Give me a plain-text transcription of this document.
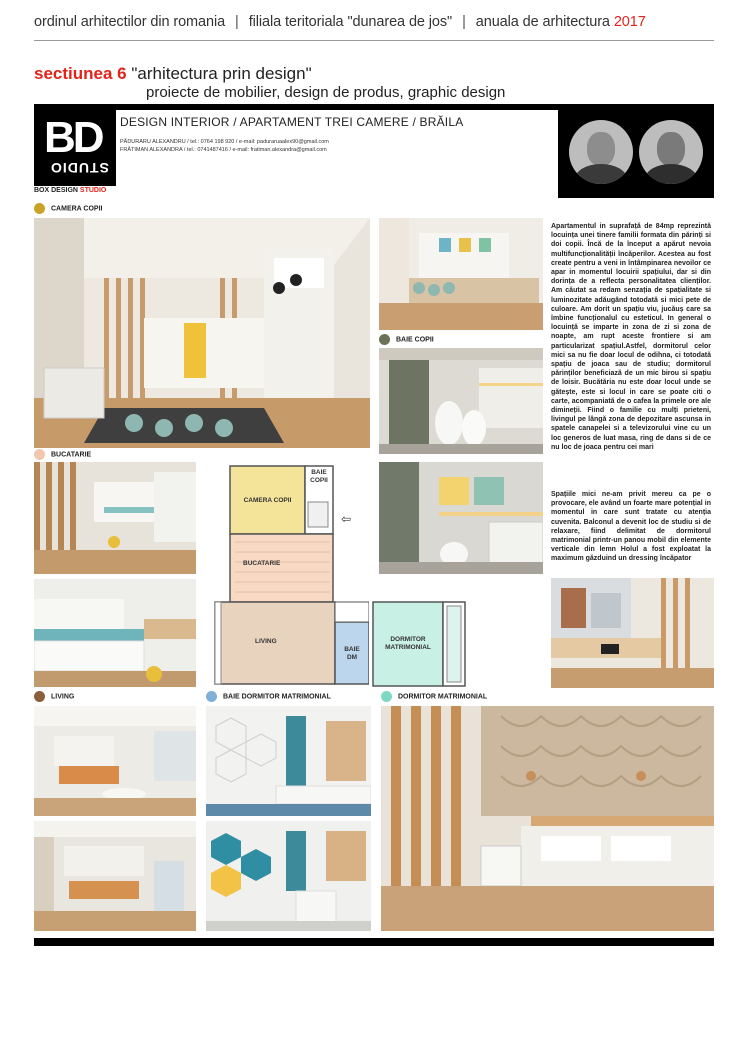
ordinul arhitectilor din romania | filiala teritoriala "dunarea de jos" | anuala de arhitectura 2017
sectiunea 6 "arhitectura prin design"
proiecte de mobilier, design de produs, graphic design
BD
STUDIO
BOX DESIGN STUDIO
DESIGN INTERIOR / APARTAMENT TREI CAMERE / BRĂILA
PĂDURARU ALEXANDRU / tel.: 0764 198 920 / e-mail: paduraruaalex90@gmail.com
FRĂTIMAN ALEXANDRA / tel.: 0741487416 / e-mail: fratiman.alexandra@gmail.com
CAMERA COPII
Apartamentul in suprafață de 84mp reprezintă locuința unei tinere familii formata din părinți si doi copii. Încă de la început a apărut nevoia multifuncționalității încăperilor. Acestea au fost create pentru a veni in întâmpinarea nevoilor ce apar in momentul locuirii spațiului, dar si din dorința de a reflecta personalitatea clienților. Am căutat sa redam senzația de spațialitate si luminozitate adăugând totodată si mici pete de culoare. Am dorit un spațiu viu, jucăuș care sa îmbine funcționalul cu esteticul. In general o locuință se imparte in zona de zi si zona de noapte, am rupt aceste frontiere si am particularizat spațiul.Astfel, dormitorul celor mici sa nu fie doar locul de odihna, ci totodată spațiu de joaca sau de studiu; dormitorul părinților beneficiază de un mic birou si spațiu de loisir. Bucătăria nu este doar locul unde se gătește, este si locul in care se poate citi o carte, acompaniată de o cafea la primele ore ale dimineții. Fiind o familie cu mulți prieteni, livingul pe lângă zona de depozitare ascunsa in spatele canapelei si a televizorului vine cu un loc generos de luat masa, ring de dans si de ce nu loc de joaca pentru cei mari
Spațiile mici ne-am privit mereu ca pe o provocare, ele având un foarte mare potențial in momentul in care sunt tratate cu atenția cuvenita. Balconul a devenit loc de studiu si de relaxare, fiind delimitat de dormitorul matrimonial printr-un panou mobil din elemente verticale din lemn Holul a fost exploatat la maximum găzduind un dressing încăpator
BAIE COPII
BUCATARIE
CAMERA COPII
BAIE
COPII
BUCATARIE
LIVING
BAIE
DM
DORMITOR
MATRIMONIAL
⇦
LIVING	BAIE DORMITOR MATRIMONIAL	DORMITOR MATRIMONIAL
